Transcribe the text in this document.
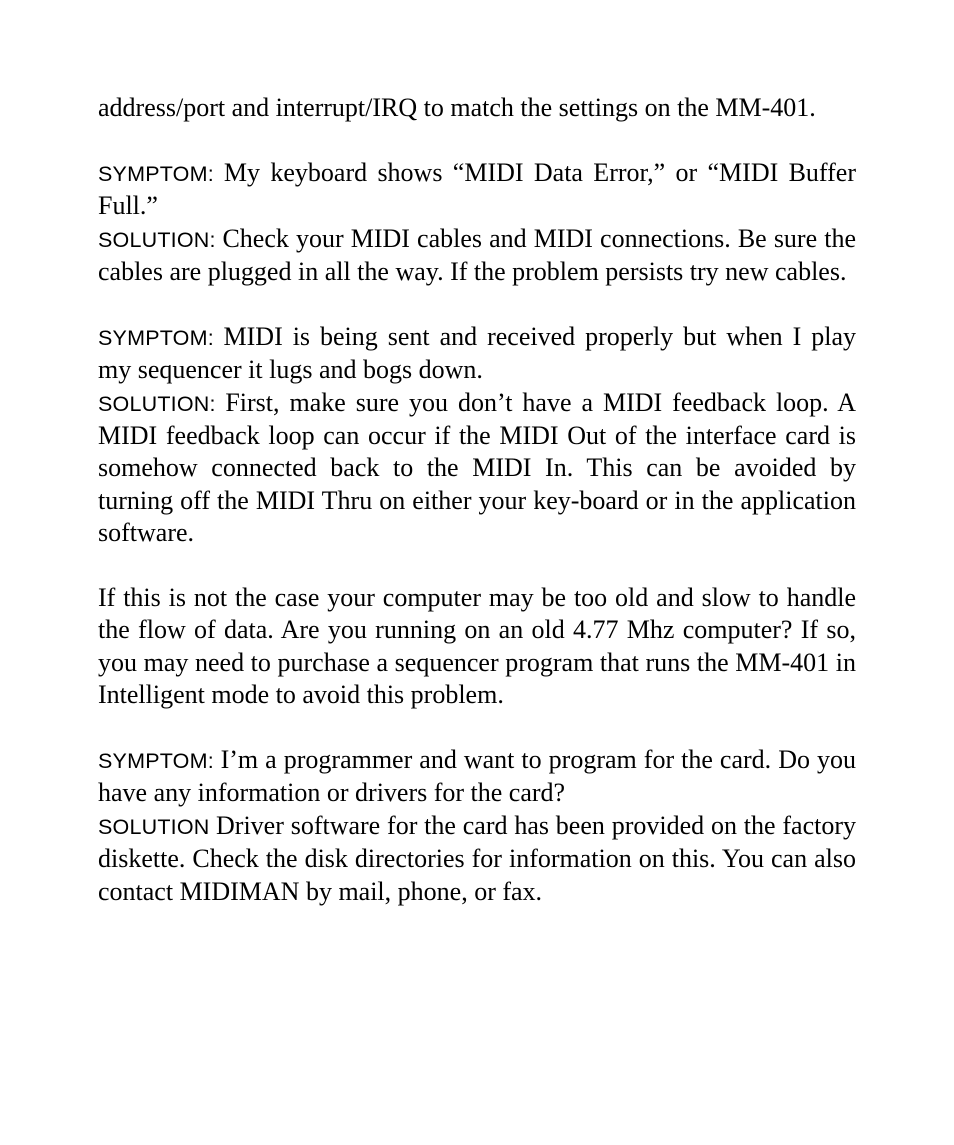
address/port and interrupt/IRQ to match the settings on the MM-401.

SYMPTOM: My keyboard shows “MIDI Data Error,” or “MIDI Buffer Full.”

SOLUTION: Check your MIDI cables and MIDI connections. Be sure the cables are plugged in all the way. If the problem persists try new cables.

SYMPTOM: MIDI is being sent and received properly but when I play my sequencer it lugs and bogs down.

SOLUTION: First, make sure you don’t have a MIDI feedback loop. A MIDI feedback loop can occur if the MIDI Out of the interface card is somehow connected back to the MIDI In. This can be avoided by turning off the MIDI Thru on either your key-board or in the application software.

If this is not the case your computer may be too old and slow to handle the flow of data. Are you running on an old 4.77 Mhz computer? If so, you may need to purchase a sequencer program that runs the MM-401 in Intelligent mode to avoid this problem.

SYMPTOM: I’m a programmer and want to program for the card. Do you have any information or drivers for the card?

SOLUTION Driver software for the card has been provided on the factory diskette. Check the disk directories for information on this. You can also contact MIDIMAN by mail, phone, or fax.
